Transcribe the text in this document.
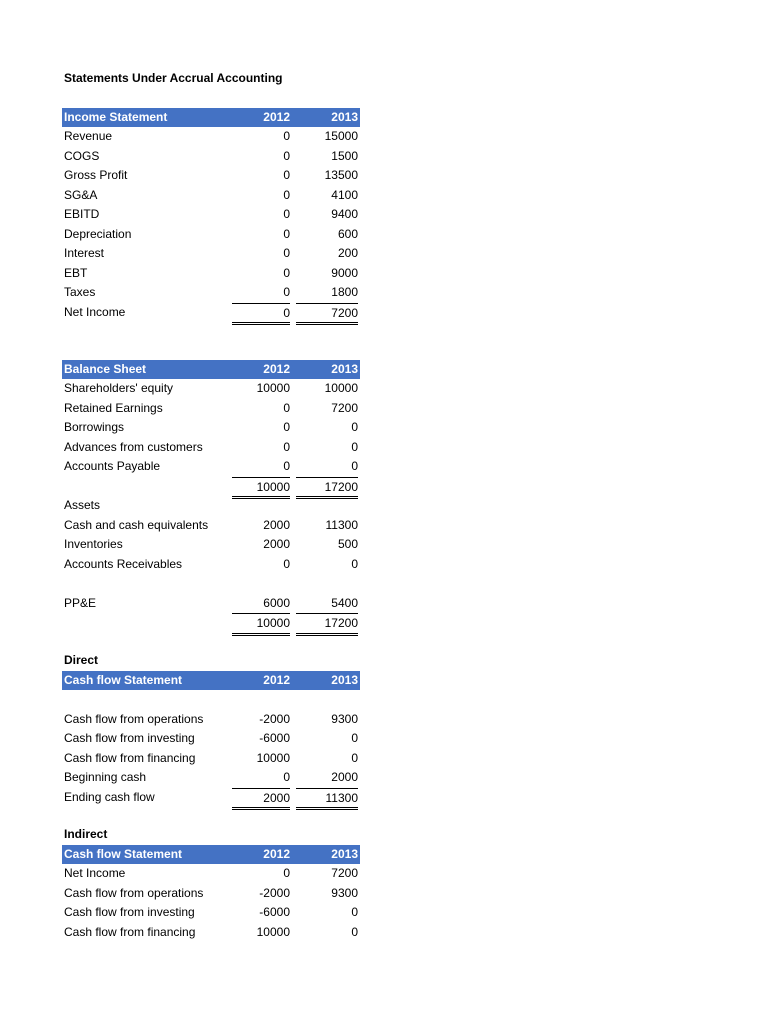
Statements Under Accrual Accounting
Income Statement	2012	2013
Revenue	0	15000
COGS	0	1500
Gross Profit	0	13500
SG&A	0	4100
EBITD	0	9400
Depreciation	0	600
Interest	0	200
EBT	0	9000
Taxes	0	1800
Net Income	0	7200
Balance Sheet	2012	2013
Shareholders' equity	10000	10000
Retained Earnings	0	7200
Borrowings	0	0
Advances from customers	0	0
Accounts Payable	0	0
10000	17200
Assets
Cash and cash equivalents	2000	11300
Inventories	2000	500
Accounts Receivables	0	0
PP&E	6000	5400
10000	17200
Direct
Cash flow Statement	2012	2013
Cash flow from operations	-2000	9300
Cash flow from investing	-6000	0
Cash flow from financing	10000	0
Beginning cash	0	2000
Ending cash flow	2000	11300
Indirect
Cash flow Statement	2012	2013
Net Income	0	7200
Cash flow from operations	-2000	9300
Cash flow from investing	-6000	0
Cash flow from financing	10000	0
